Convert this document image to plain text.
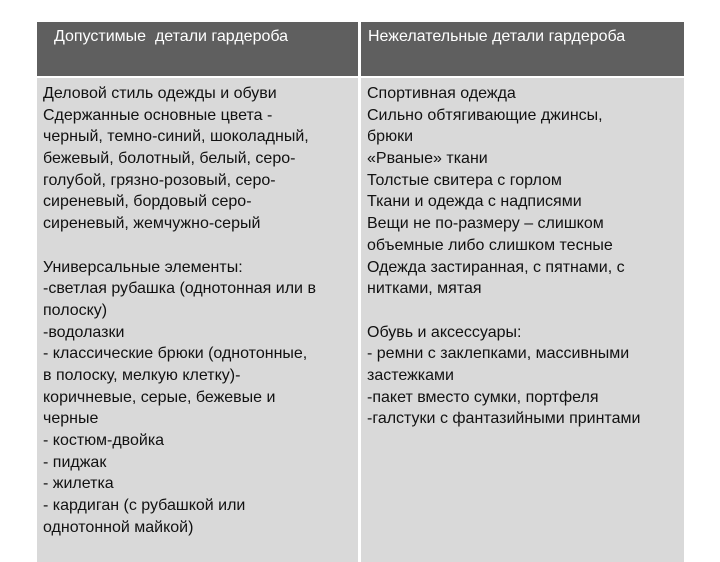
Допустимые  детали гардероба	Нежелательные детали гардероба
Деловой стиль одежды и обуви
Сдержанные основные цвета -
черный, темно-синий, шоколадный,
бежевый, болотный, белый, серо-
голубой, грязно-розовый, серо-
сиреневый, бордовый серо-
сиреневый, жемчужно-серый
Универсальные элементы:
-светлая рубашка (однотонная или в
полоску)
-водолазки
- классические брюки (однотонные,
в полоску, мелкую клетку)-
коричневые, серые, бежевые и
черные
- костюм-двойка
- пиджак
- жилетка
- кардиган (с рубашкой или
однотонной майкой)
Спортивная одежда
Сильно обтягивающие джинсы,
брюки
«Рваные» ткани
Толстые свитера с горлом
Ткани и одежда с надписями
Вещи не по-размеру – слишком
объемные либо слишком тесные
Одежда застиранная, с пятнами, с
нитками, мятая
Обувь и аксессуары:
- ремни с заклепками, массивными
застежками
-пакет вместо сумки, портфеля
-галстуки с фантазийными принтами
